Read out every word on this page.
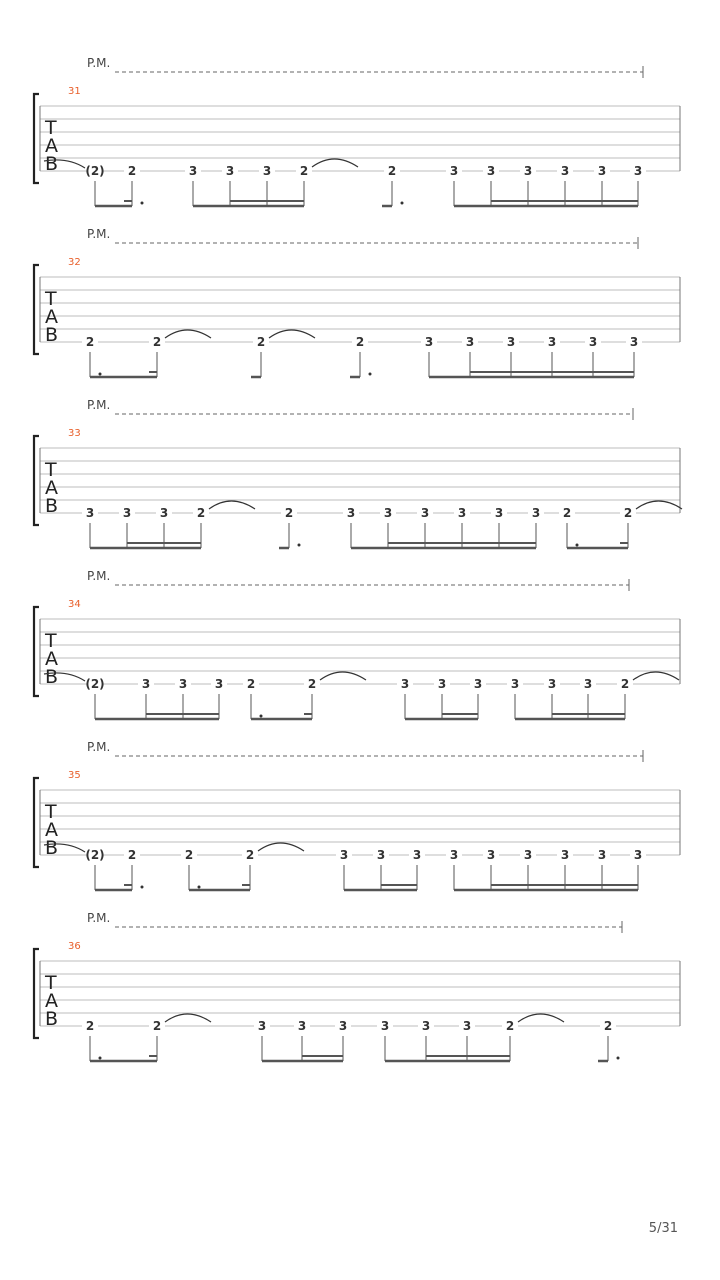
P.M.
31
T
A
B (2) 2	3 3 3 2	2	3 3 3 3 3 3
P.M.
32
T
A
B 2	2	2	2	3	3	3	3	3	3
P.M.
33
T
A
B 3 3 3 2	2	3 3 3 3 3 3 2	2
P.M.
34
T
A
B (2)	3 3 3 2	2	3 3 3 3 3 3 2
P.M.
35
T
A
B (2) 2	2	2	3 3 3 3 3 3 3 3 3
P.M.
36
T
A
B 2	2	3	3	3	3	3	3	2	2
5/31
